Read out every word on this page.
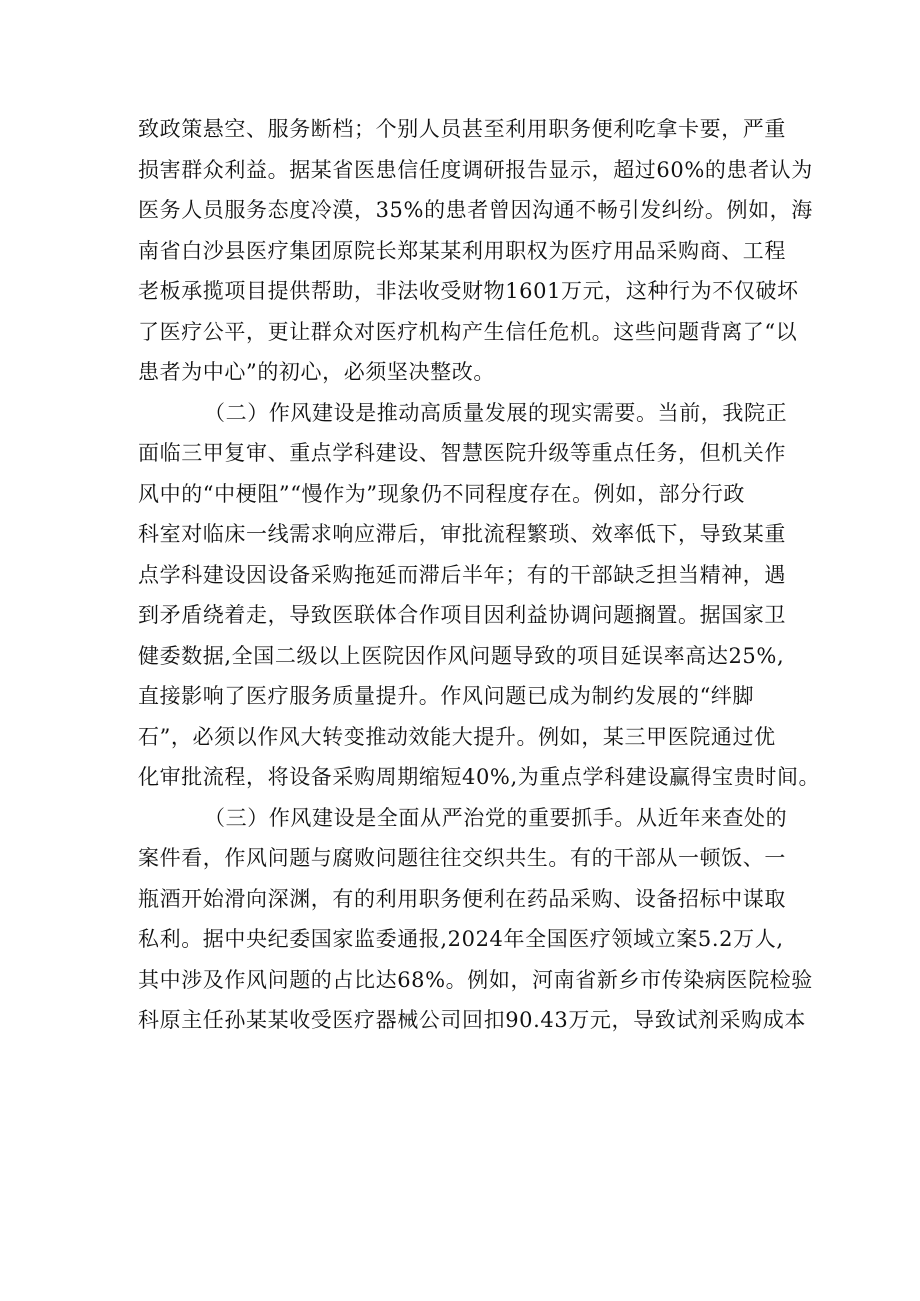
致政策悬空、服务断档；个别人员甚至利用职务便利吃拿卡要，严重
损害群众利益。据某省医患信任度调研报告显示，超过60%的患者认为
医务人员服务态度冷漠，35%的患者曾因沟通不畅引发纠纷。例如，海
南省白沙县医疗集团原院长郑某某利用职权为医疗用品采购商、工程
老板承揽项目提供帮助，非法收受财物1601万元，这种行为不仅破坏
了医疗公平，更让群众对医疗机构产生信任危机。这些问题背离了“以
患者为中心”的初心，必须坚决整改。
（二）作风建设是推动高质量发展的现实需要。当前，我院正
面临三甲复审、重点学科建设、智慧医院升级等重点任务，但机关作
风中的“中梗阻”“慢作为”现象仍不同程度存在。例如，部分行政
科室对临床一线需求响应滞后，审批流程繁琐、效率低下，导致某重
点学科建设因设备采购拖延而滞后半年；有的干部缺乏担当精神，遇
到矛盾绕着走，导致医联体合作项目因利益协调问题搁置。据国家卫
健委数据,全国二级以上医院因作风问题导致的项目延误率高达25%,
直接影响了医疗服务质量提升。作风问题已成为制约发展的“绊脚
石”，必须以作风大转变推动效能大提升。例如，某三甲医院通过优
化审批流程，将设备采购周期缩短40%,为重点学科建设赢得宝贵时间。
（三）作风建设是全面从严治党的重要抓手。从近年来查处的
案件看，作风问题与腐败问题往往交织共生。有的干部从一顿饭、一
瓶酒开始滑向深渊，有的利用职务便利在药品采购、设备招标中谋取
私利。据中央纪委国家监委通报,2024年全国医疗领域立案5.2万人,
其中涉及作风问题的占比达68%。例如，河南省新乡市传染病医院检验
科原主任孙某某收受医疗器械公司回扣90.43万元，导致试剂采购成本
